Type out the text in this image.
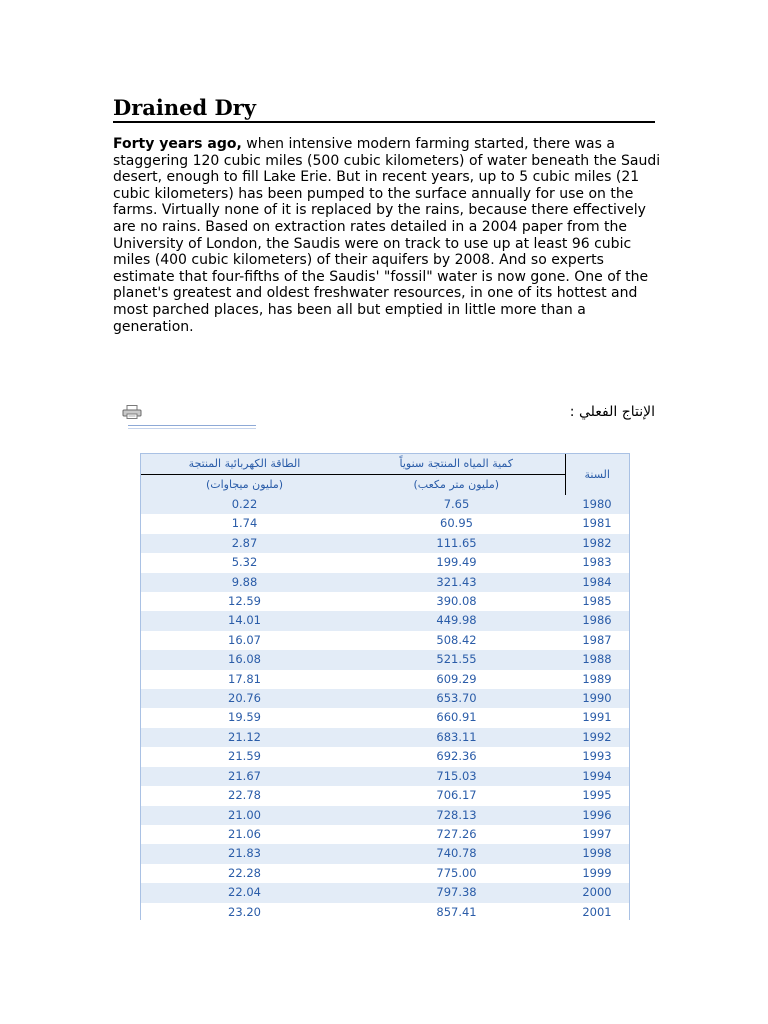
Drained Dry
Forty years ago, when intensive modern farming started, there was a staggering 120 cubic miles (500 cubic kilometers) of water beneath the Saudi desert, enough to fill Lake Erie. But in recent years, up to 5 cubic miles (21 cubic kilometers) has been pumped to the surface annually for use on the farms. Virtually none of it is replaced by the rains, because there effectively are no rains. Based on extraction rates detailed in a 2004 paper from the University of London, the Saudis were on track to use up at least 96 cubic miles (400 cubic kilometers) of their aquifers by 2008. And so experts estimate that four-fifths of the Saudis' "fossil" water is now gone. One of the planet's greatest and oldest freshwater resources, in one of its hottest and most parched places, has been all but emptied in little more than a generation.
الإنتاج الفعلي :
الطاقة الكهربائية المنتجة	كمية المياه المنتجة سنوياً	السنة
(مليون ميجاوات)	(مليون متر مكعب)	
0.22	7.65	1980
1.74	60.95	1981
2.87	111.65	1982
5.32	199.49	1983
9.88	321.43	1984
12.59	390.08	1985
14.01	449.98	1986
16.07	508.42	1987
16.08	521.55	1988
17.81	609.29	1989
20.76	653.70	1990
19.59	660.91	1991
21.12	683.11	1992
21.59	692.36	1993
21.67	715.03	1994
22.78	706.17	1995
21.00	728.13	1996
21.06	727.26	1997
21.83	740.78	1998
22.28	775.00	1999
22.04	797.38	2000
23.20	857.41	2001
